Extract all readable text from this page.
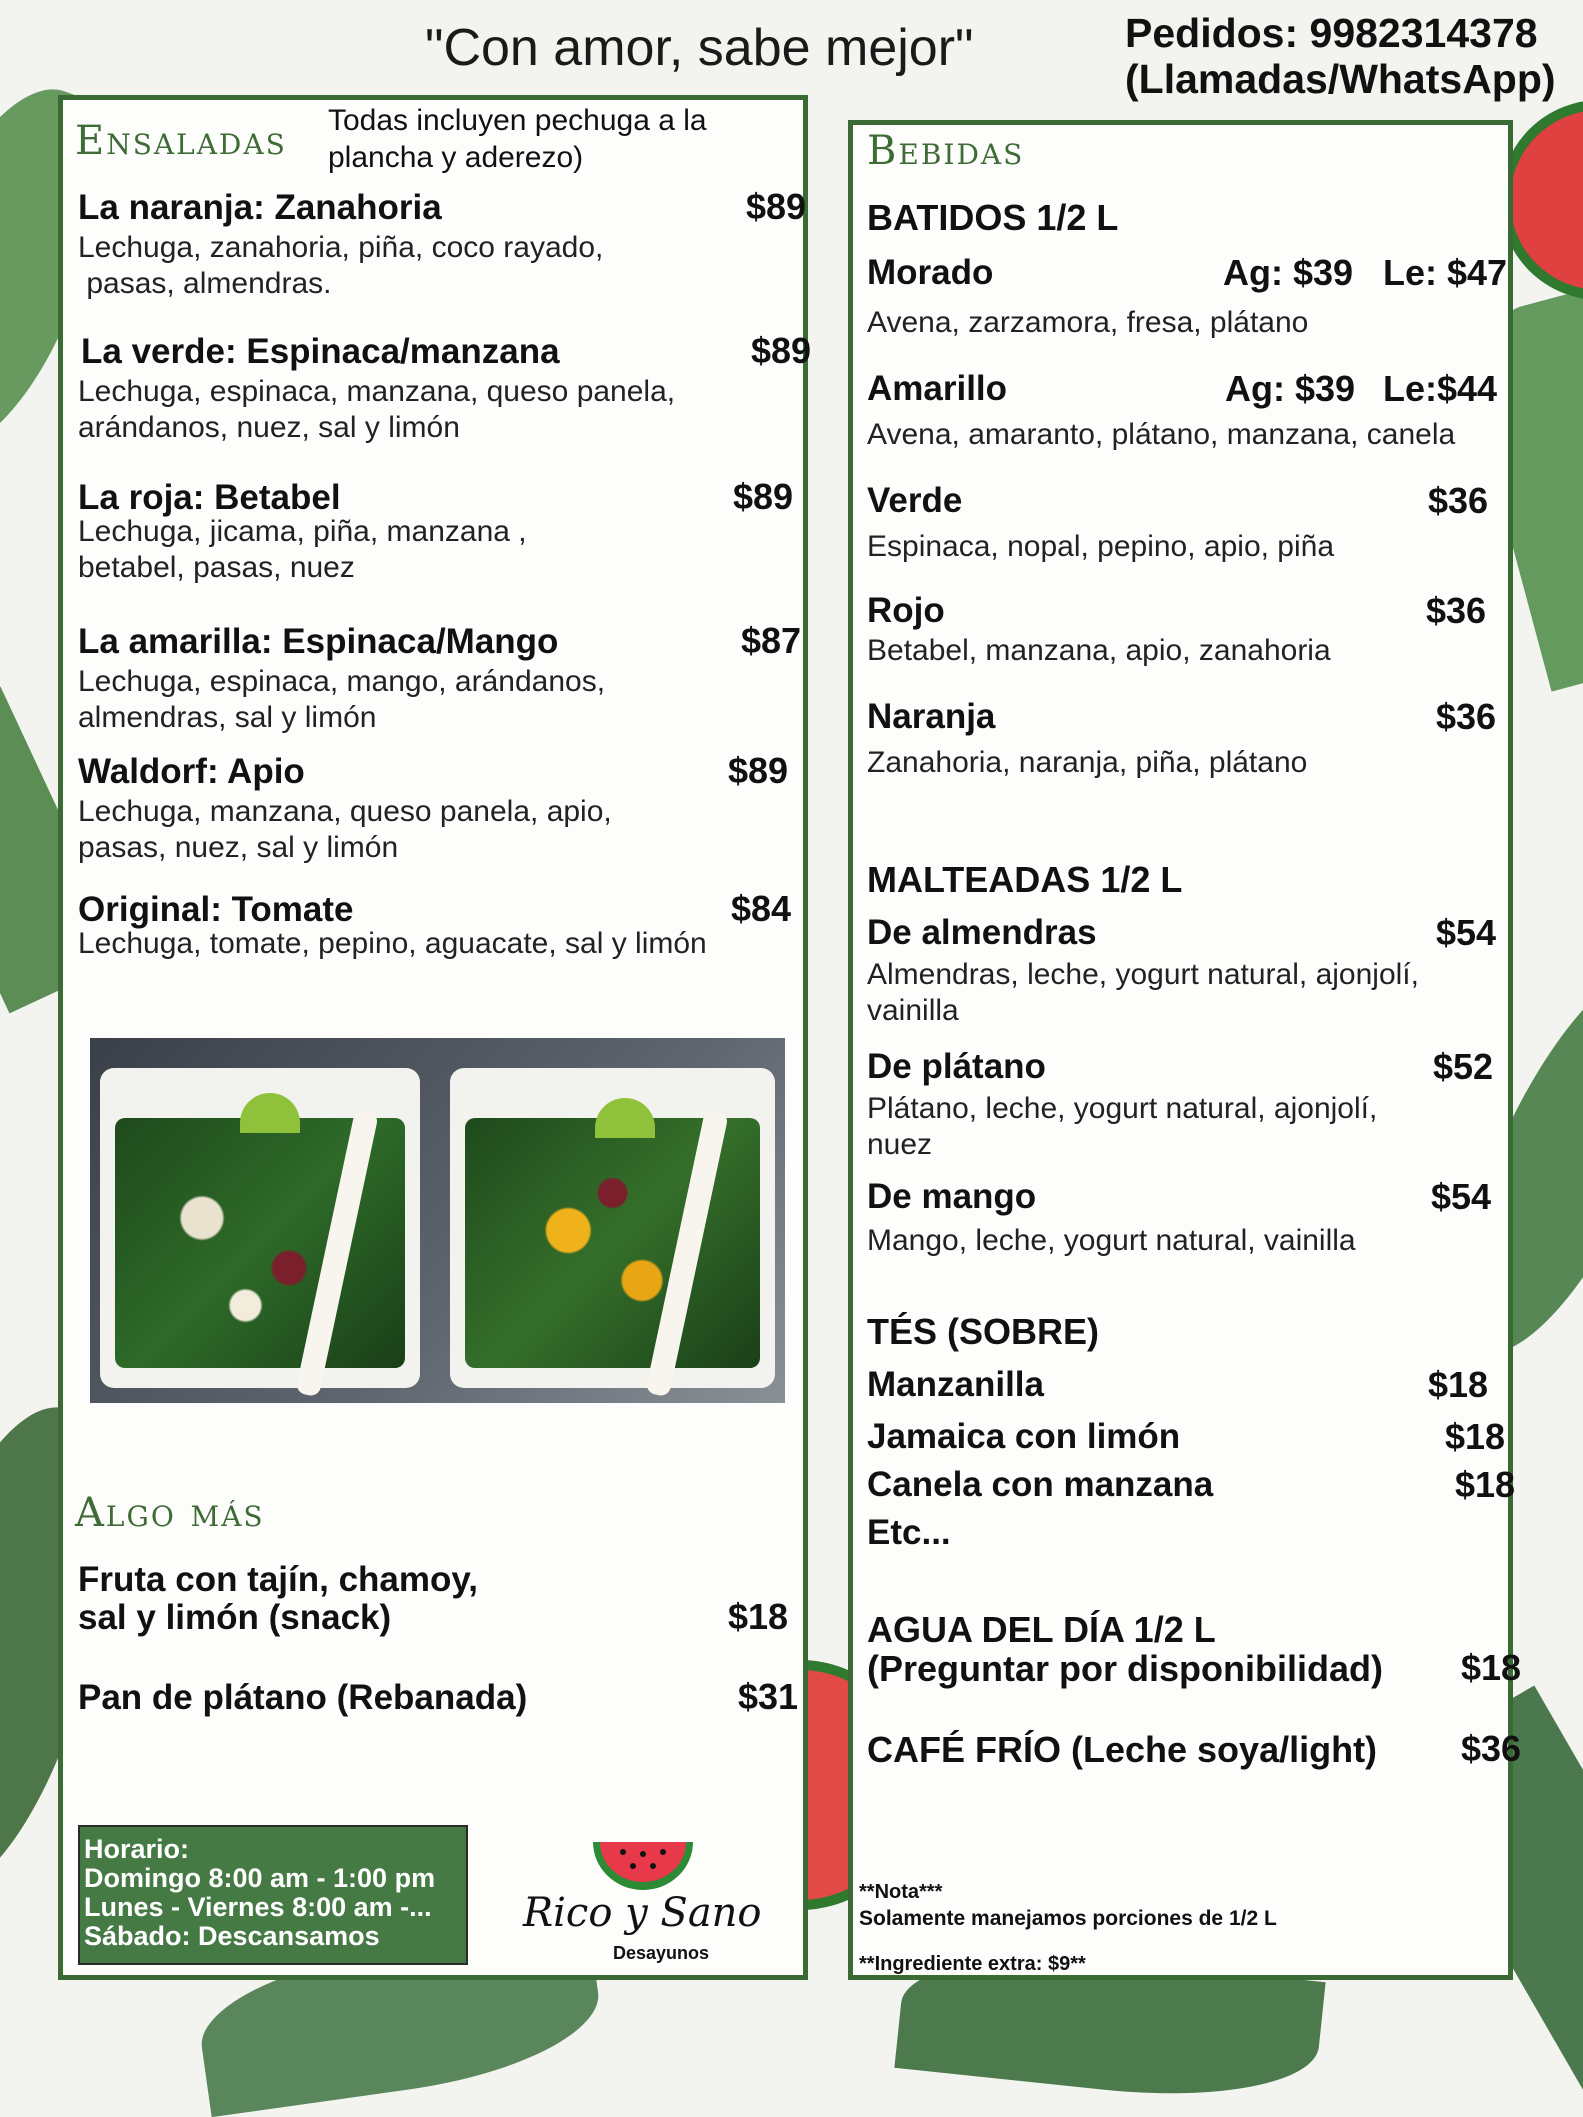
"Con amor, sabe mejor"	Pedidos: 9982314378
(Llamadas/WhatsApp)
Ensaladas Todas incluyen pechuga a la plancha y aderezo)
La naranja: Zanahoria	$89
Lechuga, zanahoria, piña, coco rayado,
pasas, almendras.
La verde: Espinaca/manzana	$89
Lechuga, espinaca, manzana, queso panela,
arándanos, nuez, sal y limón
La roja: Betabel	$89
Lechuga, jicama, piña, manzana ,
betabel, pasas, nuez
La amarilla: Espinaca/Mango	$87
Lechuga, espinaca, mango, arándanos,
almendras, sal y limón
Waldorf: Apio	$89
Lechuga, manzana, queso panela, apio,
pasas, nuez, sal y limón
Original: Tomate	$84
Lechuga, tomate, pepino, aguacate, sal y limón
Algo más
Fruta con tajín, chamoy,
sal y limón (snack)	$18
Pan de plátano (Rebanada)	$31
Horario:
Domingo 8:00 am - 1:00 pm
Lunes - Viernes 8:00 am -...
Sábado: Descansamos	Rico y Sano
Desayunos
Bebidas
BATIDOS 1/2 L
Morado	Ag: $39 Le: $47
Avena, zarzamora, fresa, plátano
Amarillo	Ag: $39 Le:$44
Avena, amaranto, plátano, manzana, canela
Verde	$36
Espinaca, nopal, pepino, apio, piña
Rojo	$36
Betabel, manzana, apio, zanahoria
Naranja	$36
Zanahoria, naranja, piña, plátano
MALTEADAS 1/2 L
De almendras	$54
Almendras, leche, yogurt natural, ajonjolí,
vainilla
De plátano	$52
Plátano, leche, yogurt natural, ajonjolí,
nuez
De mango	$54
Mango, leche, yogurt natural, vainilla
TÉS (SOBRE)
Manzanilla	$18
Jamaica con limón	$18
Canela con manzana	$18
Etc...
AGUA DEL DÍA 1/2 L
(Preguntar por disponibilidad) $18
CAFÉ FRÍO (Leche soya/light) $36
**Nota***
Solamente manejamos porciones de 1/2 L
**Ingrediente extra: $9**
